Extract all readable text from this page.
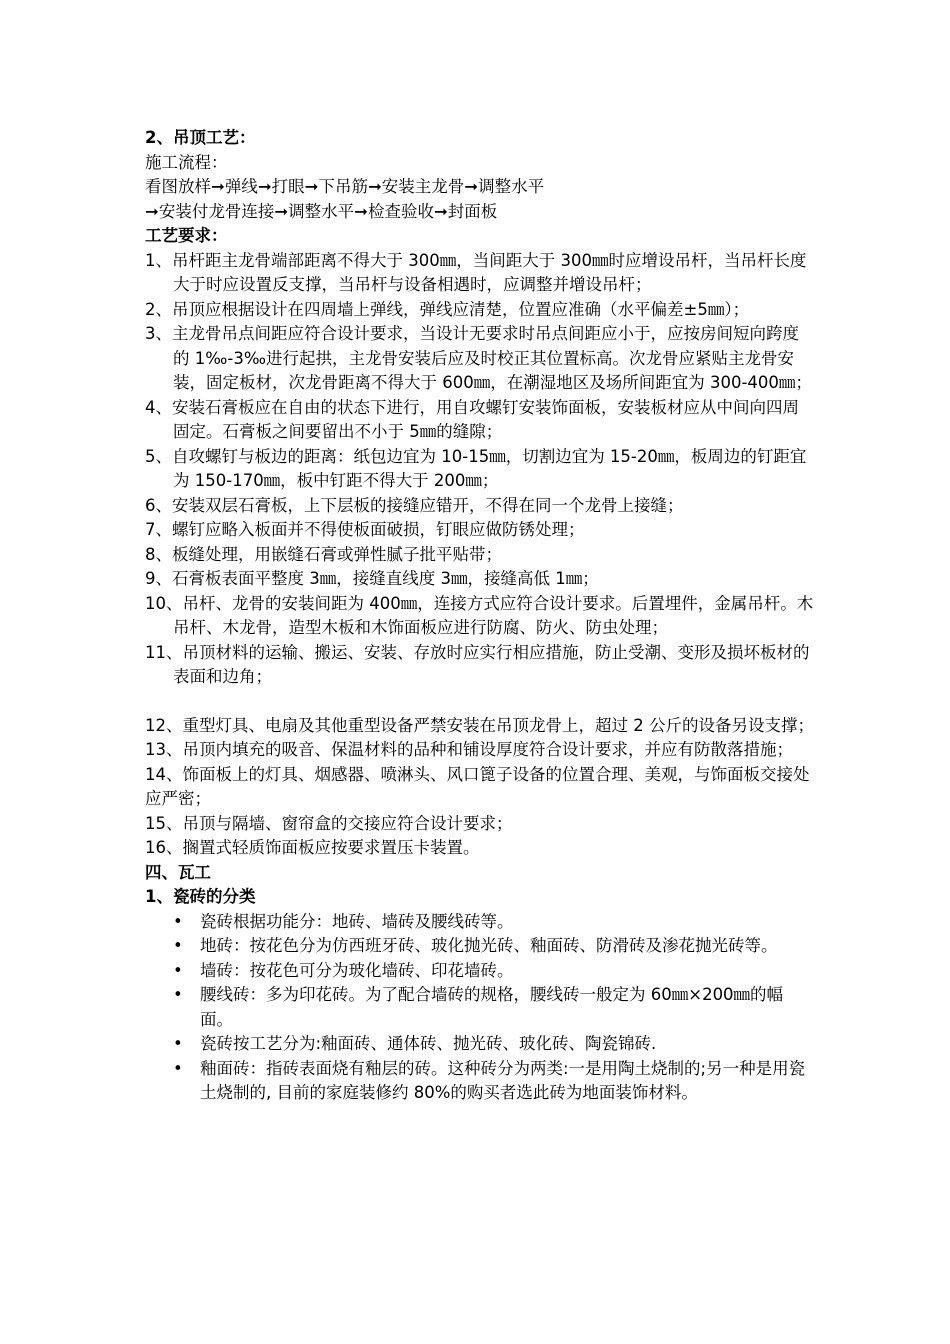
2、吊顶工艺：
施工流程：
看图放样➞弹线➞打眼➞下吊筋➞安装主龙骨➞调整水平
➞安装付龙骨连接➞调整水平➞检查验收➞封面板
工艺要求：
1、吊杆距主龙骨端部距离不得大于 300㎜，当间距大于 300㎜时应增设吊杆，当吊杆长度大于时应设置反支撑，当吊杆与设备相遇时，应调整并增设吊杆；
2、吊顶应根据设计在四周墙上弹线，弹线应清楚，位置应准确（水平偏差±5㎜）；
3、主龙骨吊点间距应符合设计要求，当设计无要求时吊点间距应小于，应按房间短向跨度的 1‰-3‰进行起拱，主龙骨安装后应及时校正其位置标高。次龙骨应紧贴主龙骨安装，固定板材，次龙骨距离不得大于 600㎜，在潮湿地区及场所间距宜为 300-400㎜；
4、安装石膏板应在自由的状态下进行，用自攻螺钉安装饰面板，安装板材应从中间向四周固定。石膏板之间要留出不小于 5㎜的缝隙；
5、自攻螺钉与板边的距离：纸包边宜为 10-15㎜，切割边宜为 15-20㎜，板周边的钉距宜为 150-170㎜，板中钉距不得大于 200㎜；
6、安装双层石膏板，上下层板的接缝应错开，不得在同一个龙骨上接缝；
7、螺钉应略入板面并不得使板面破损，钉眼应做防锈处理；
8、板缝处理，用嵌缝石膏或弹性腻子批平贴带；
9、石膏板表面平整度 3㎜，接缝直线度 3㎜，接缝高低 1㎜；
10、吊杆、龙骨的安装间距为 400㎜，连接方式应符合设计要求。后置埋件，金属吊杆。木吊杆、木龙骨，造型木板和木饰面板应进行防腐、防火、防虫处理；
11、吊顶材料的运输、搬运、安装、存放时应实行相应措施，防止受潮、变形及损坏板材的表面和边角；
12、重型灯具、电扇及其他重型设备严禁安装在吊顶龙骨上，超过 2 公斤的设备另设支撑；
13、吊顶内填充的吸音、保温材料的品种和铺设厚度符合设计要求，并应有防散落措施；
14、饰面板上的灯具、烟感器、喷淋头、风口篦子设备的位置合理、美观，与饰面板交接处应严密；
15、吊顶与隔墙、窗帘盒的交接应符合设计要求；
16、搁置式轻质饰面板应按要求置压卡装置。
四、瓦工
1、瓷砖的分类
• 瓷砖根据功能分：地砖、墙砖及腰线砖等。
• 地砖：按花色分为仿西班牙砖、玻化抛光砖、釉面砖、防滑砖及渗花抛光砖等。
• 墙砖：按花色可分为玻化墙砖、印花墙砖。
• 腰线砖：多为印花砖。为了配合墙砖的规格，腰线砖一般定为 60㎜×200㎜的幅面。
• 瓷砖按工艺分为:釉面砖、通体砖、抛光砖、玻化砖、陶瓷锦砖.
• 釉面砖：指砖表面烧有釉层的砖。这种砖分为两类:一是用陶土烧制的;另一种是用瓷土烧制的, 目前的家庭装修约 80%的购买者选此砖为地面装饰材料。
